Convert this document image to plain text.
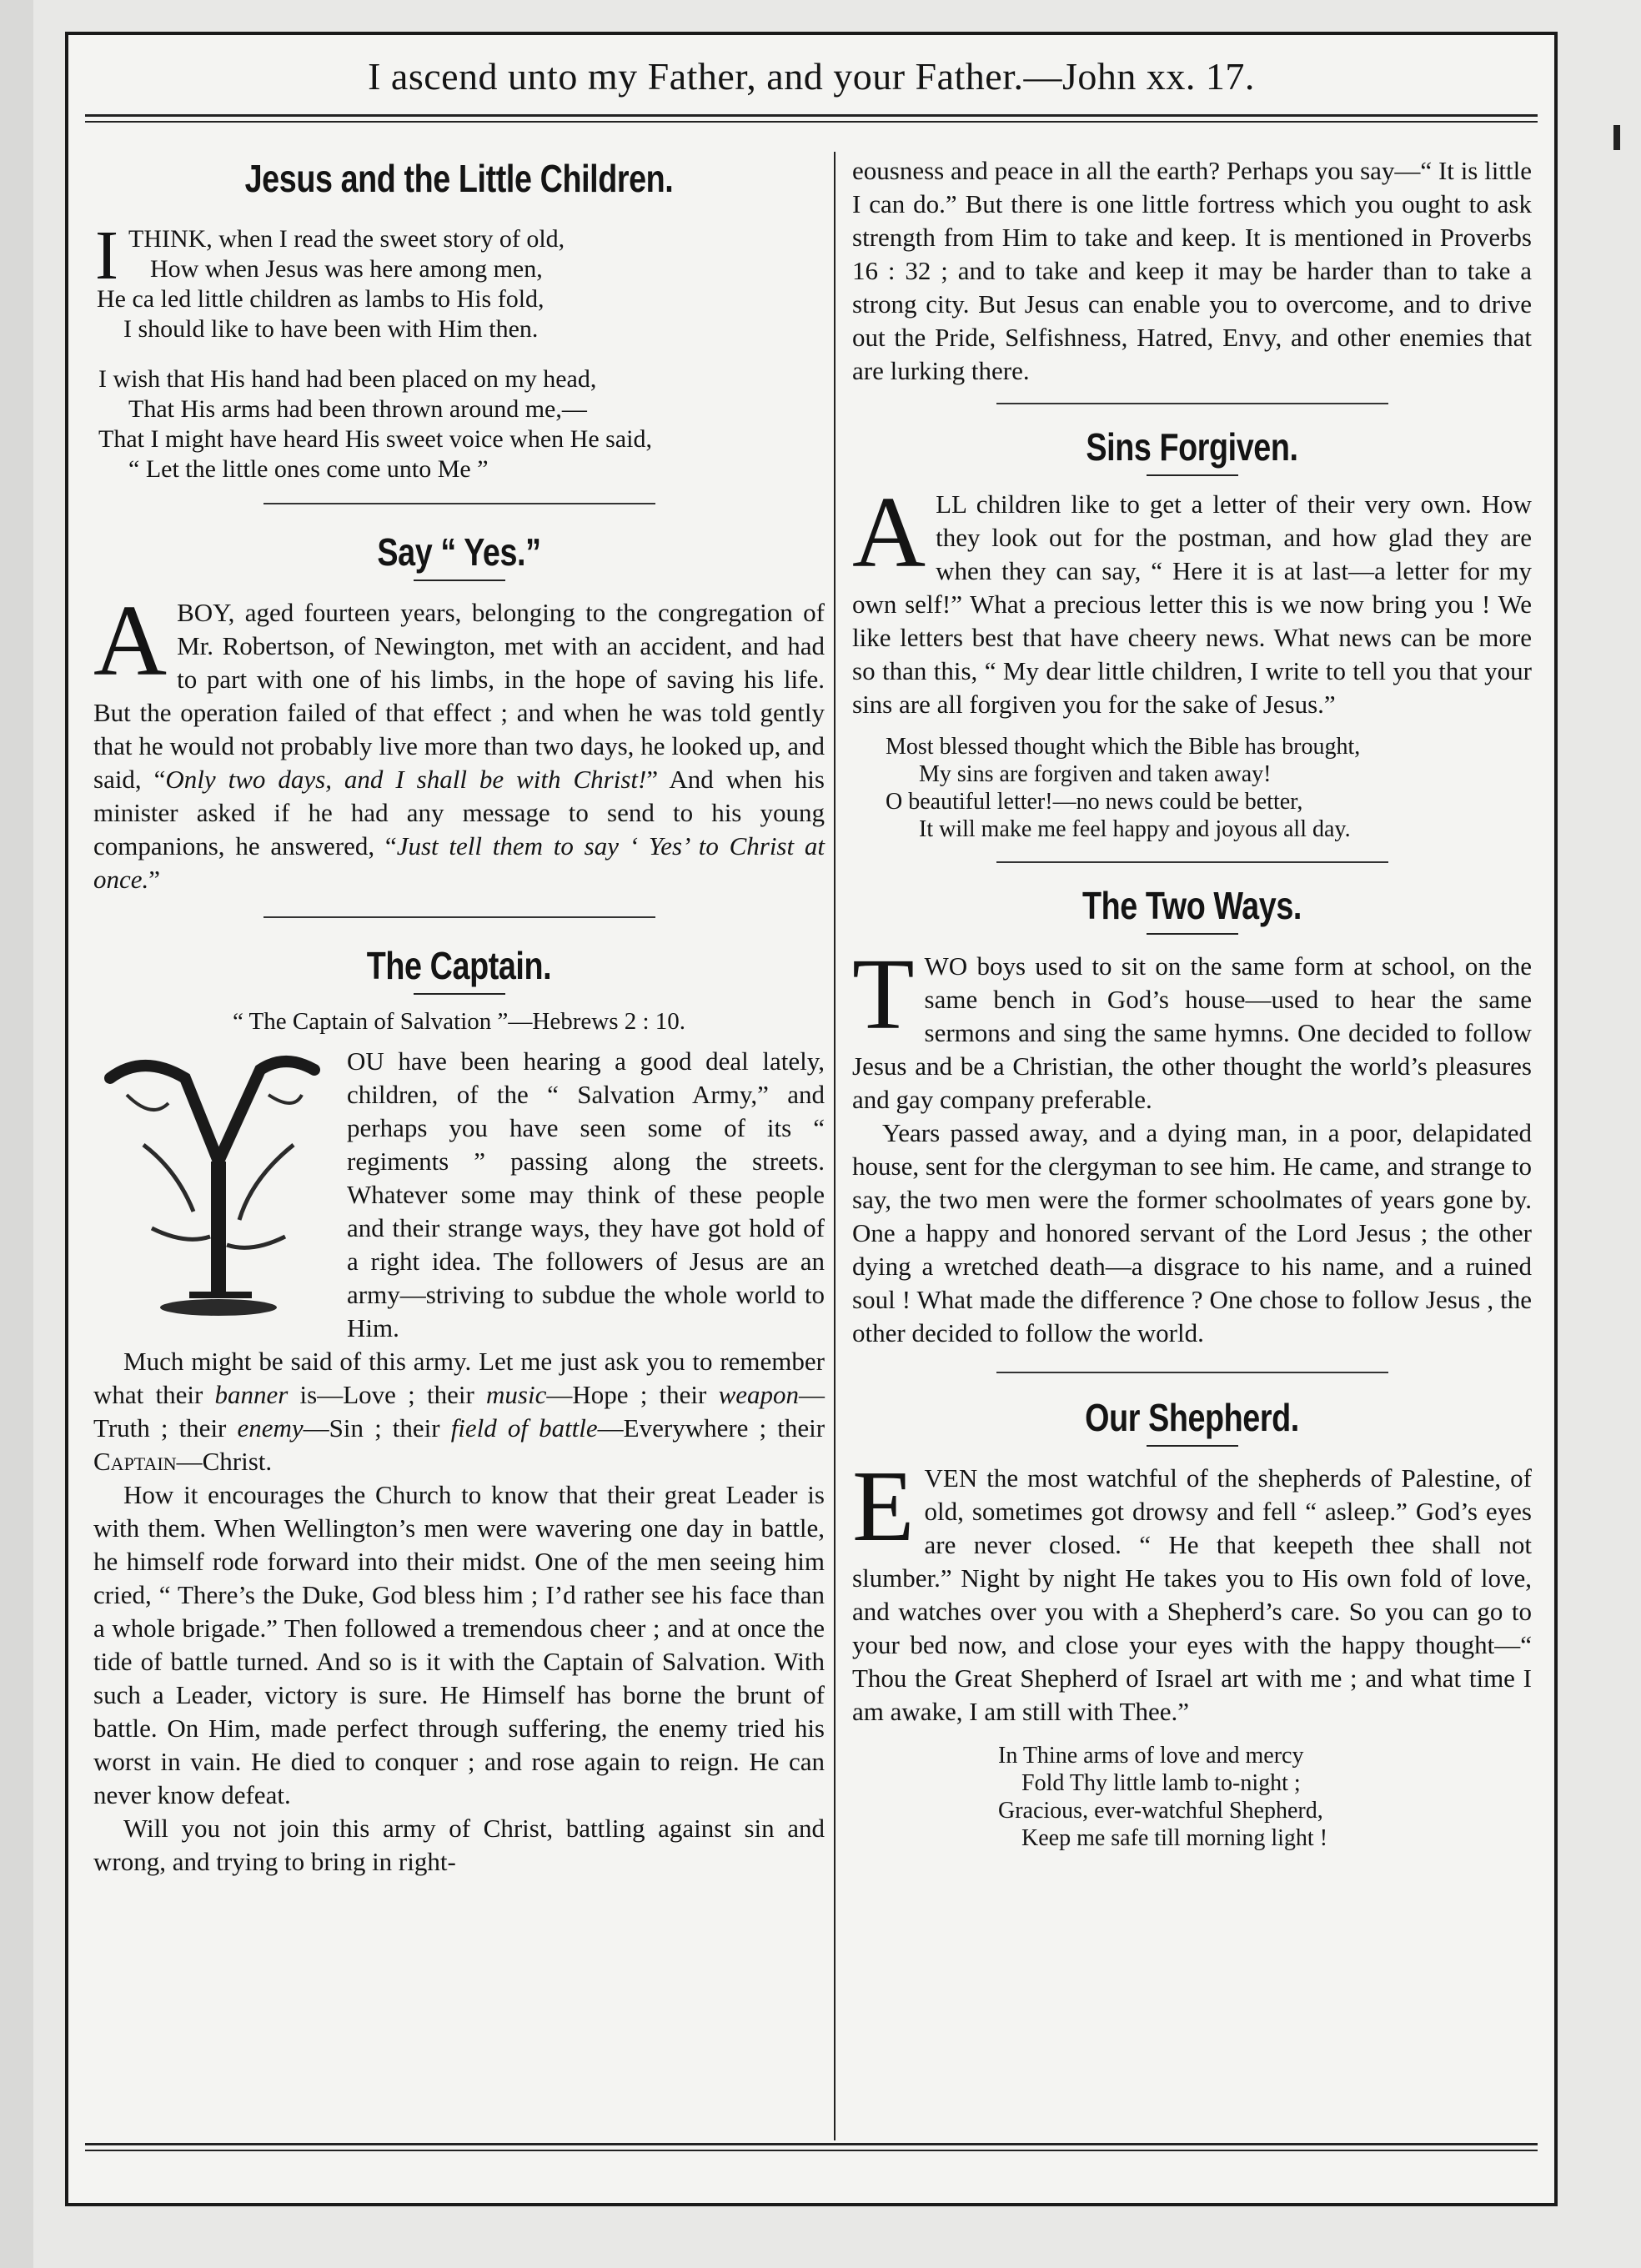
I ascend unto my Father, and your Father.—John xx. 17.
Jesus and the Little Children.
I THINK, when I read the sweet story of old,
How when Jesus was here among men,
He ca led little children as lambs to His fold,
I should like to have been with Him then.
I wish that His hand had been placed on my head,
That His arms had been thrown around me,—
That I might have heard His sweet voice when He said,
“ Let the little ones come unto Me ”
Say “ Yes.”

ABOY, aged fourteen years, belonging to the congregation of Mr. Robertson, of Newington, met with an accident, and had to part with one of his limbs, in the hope of saving his life. But the operation failed of that effect ; and when he was told gently that he would not probably live more than two days, he looked up, and said, “Only two days, and I shall be with Christ!” And when his minister asked if he had any message to send to his young companions, he answered, “Just tell them to say ‘ Yes’ to Christ at once.”

The Captain.
“ The Captain of Salvation ”—Hebrews 2 : 10.

OU have been hearing a good deal lately, children, of the “ Salvation Army,” and perhaps you have seen some of its “ regiments ” passing along the streets. Whatever some may think of these people and their strange ways, they have got hold of a right idea. The followers of Jesus are an army—striving to subdue the whole world to Him.

Much might be said of this army. Let me just ask you to remember what their banner is—Love ; their music—Hope ; their weapon—Truth ; their enemy—Sin ; their field of battle—Everywhere ; their Captain—Christ.

How it encourages the Church to know that their great Leader is with them. When Wellington’s men were wavering one day in battle, he himself rode forward into their midst. One of the men seeing him cried, “ There’s the Duke, God bless him ; I’d rather see his face than a whole brigade.” Then followed a tremendous cheer ; and at once the tide of battle turned. And so is it with the Captain of Salvation. With such a Leader, victory is sure. He Himself has borne the brunt of battle. On Him, made perfect through suffering, the enemy tried his worst in vain. He died to conquer ; and rose again to reign. He can never know defeat.

Will you not join this army of Christ, battling against sin and wrong, and trying to bring in right-

eousness and peace in all the earth? Perhaps you say—“ It is little I can do.” But there is one little fortress which you ought to ask strength from Him to take and keep. It is mentioned in Proverbs 16 : 32 ; and to take and keep it may be harder than to take a strong city. But Jesus can enable you to overcome, and to drive out the Pride, Selfishness, Hatred, Envy, and other enemies that are lurking there.

Sins Forgiven.

ALL children like to get a letter of their very own. How they look out for the postman, and how glad they are when they can say, “ Here it is at last—a letter for my own self!” What a precious letter this is we now bring you ! We like letters best that have cheery news. What news can be more so than this, “ My dear little children, I write to tell you that your sins are all forgiven you for the sake of Jesus.”

Most blessed thought which the Bible has brought,
My sins are forgiven and taken away!
O beautiful letter!—no news could be better,
It will make me feel happy and joyous all day.
The Two Ways.

TWO boys used to sit on the same form at school, on the same bench in God’s house—used to hear the same sermons and sing the same hymns. One decided to follow Jesus and be a Christian, the other thought the world’s pleasures and gay company preferable.

Years passed away, and a dying man, in a poor, delapidated house, sent for the clergyman to see him. He came, and strange to say, the two men were the former schoolmates of years gone by. One a happy and honored servant of the Lord Jesus ; the other dying a wretched death—a disgrace to his name, and a ruined soul ! What made the difference ? One chose to follow Jesus , the other decided to follow the world.

Our Shepherd.

EVEN the most watchful of the shepherds of Palestine, of old, sometimes got drowsy and fell “ asleep.” God’s eyes are never closed. “ He that keepeth thee shall not slumber.” Night by night He takes you to His own fold of love, and watches over you with a Shepherd’s care. So you can go to your bed now, and close your eyes with the happy thought—“ Thou the Great Shepherd of Israel art with me ; and what time I am awake, I am still with Thee.”

In Thine arms of love and mercy
Fold Thy little lamb to-night ;
Gracious, ever-watchful Shepherd,
Keep me safe till morning light !
